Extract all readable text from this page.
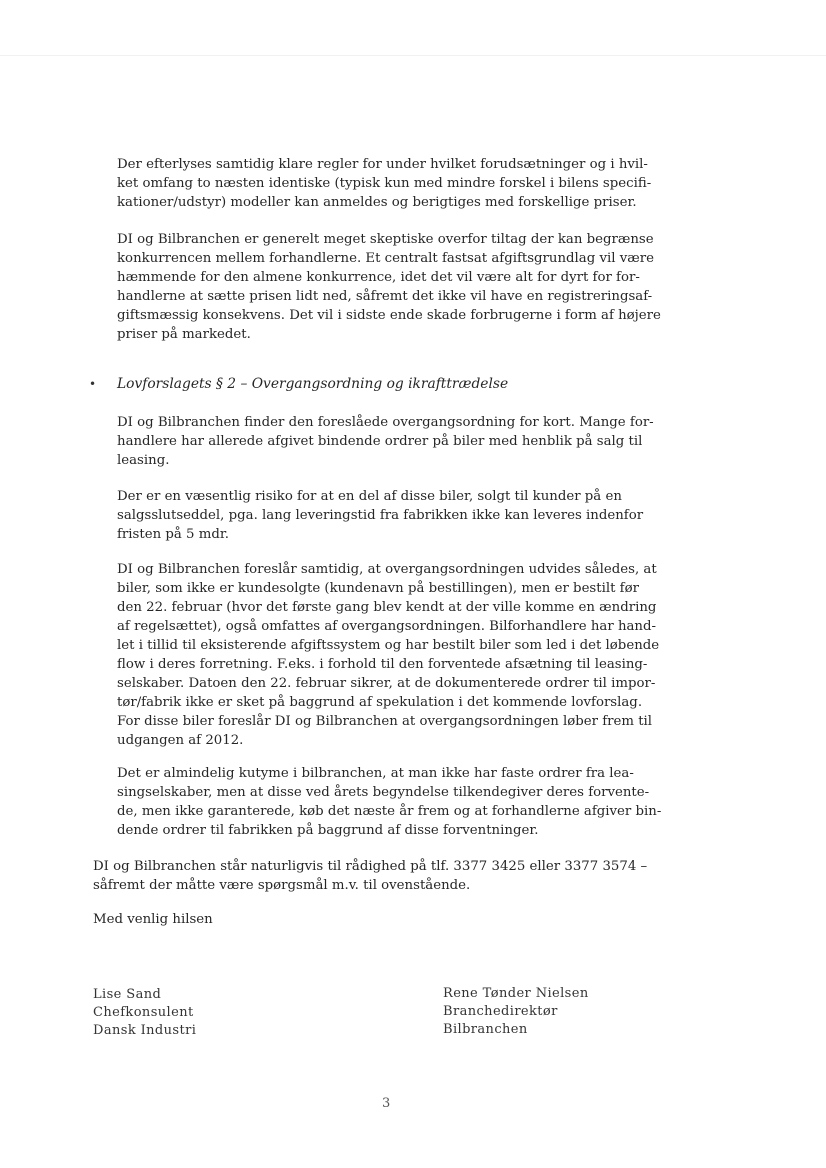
Der efterlyses samtidig klare regler for under hvilket forudsætninger og i hvil-
ket omfang to næsten identiske (typisk kun med mindre forskel i bilens specifi-
kationer/udstyr) modeller kan anmeldes og berigtiges med forskellige priser.

DI og Bilbranchen er generelt meget skeptiske overfor tiltag der kan begrænse
konkurrencen mellem forhandlerne. Et centralt fastsat afgiftsgrundlag vil være
hæmmende for den almene konkurrence, idet det vil være alt for dyrt for for-
handlerne at sætte prisen lidt ned, såfremt det ikke vil have en registreringsaf-
giftsmæssig konsekvens. Det vil i sidste ende skade forbrugerne i form af højere
priser på markedet.

• Lovforslagets § 2 – Overgangsordning og ikrafttrædelse

DI og Bilbranchen finder den foreslåede overgangsordning for kort. Mange for-
handlere har allerede afgivet bindende ordrer på biler med henblik på salg til
leasing.

Der er en væsentlig risiko for at en del af disse biler, solgt til kunder på en
salgsslutseddel, pga. lang leveringstid fra fabrikken ikke kan leveres indenfor
fristen på 5 mdr.

DI og Bilbranchen foreslår samtidig, at overgangsordningen udvides således, at
biler, som ikke er kundesolgte (kundenavn på bestillingen), men er bestilt før
den 22. februar (hvor det første gang blev kendt at der ville komme en ændring
af regelsættet), også omfattes af overgangsordningen. Bilforhandlere har hand-
let i tillid til eksisterende afgiftssystem og har bestilt biler som led i det løbende
flow i deres forretning. F.eks. i forhold til den forventede afsætning til leasing-
selskaber. Datoen den 22. februar sikrer, at de dokumenterede ordrer til impor-
tør/fabrik ikke er sket på baggrund af spekulation i det kommende lovforslag.
For disse biler foreslår DI og Bilbranchen at overgangsordningen løber frem til
udgangen af 2012.

Det er almindelig kutyme i bilbranchen, at man ikke har faste ordrer fra lea-
singselskaber, men at disse ved årets begyndelse tilkendegiver deres forvente-
de, men ikke garanterede, køb det næste år frem og at forhandlerne afgiver bin-
dende ordrer til fabrikken på baggrund af disse forventninger.

DI og Bilbranchen står naturligvis til rådighed på tlf. 3377 3425 eller 3377 3574 –
såfremt der måtte være spørgsmål m.v. til ovenstående.

Med venlig hilsen

Lise Sand
Chefkonsulent
Dansk Industri
Rene Tønder Nielsen
Branchedirektør
Bilbranchen
3
